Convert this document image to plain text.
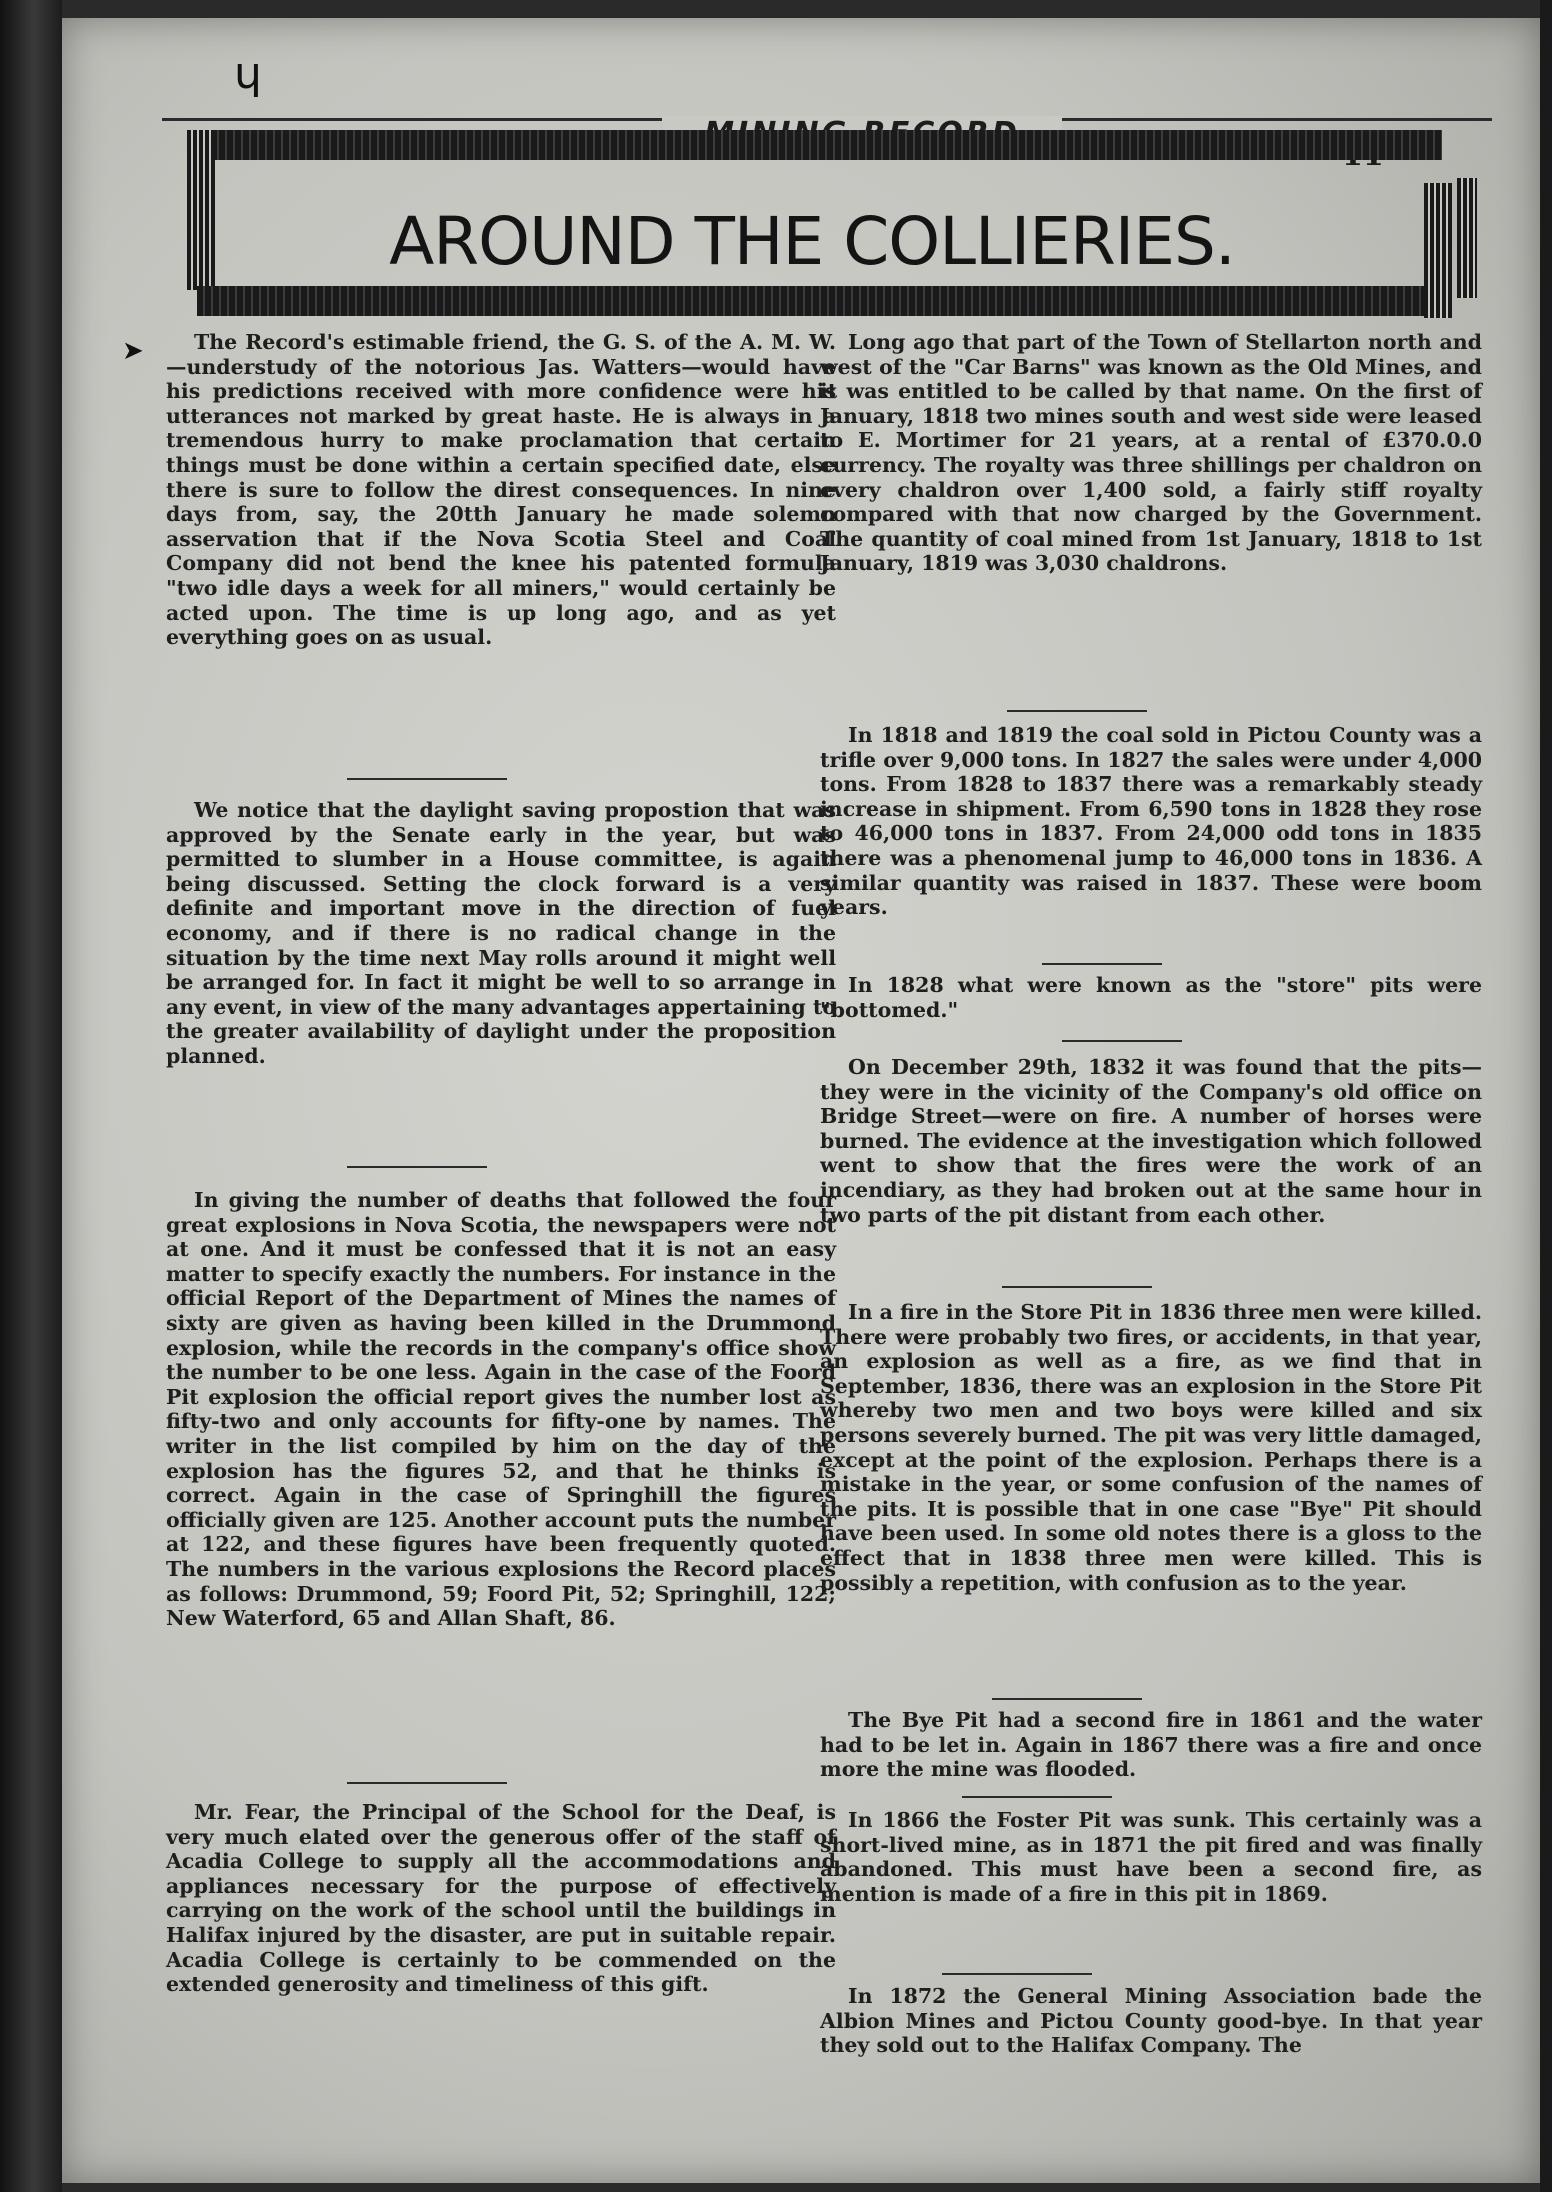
AROUND THE COLLIERIES.

The Record's estimable friend, the G. S. of the A. M. W.—understudy of the notorious Jas. Watters—would have his predictions received with more confidence were his utterances not marked by great haste. He is always in a tremendous hurry to make proclamation that certain things must be done within a certain specified date, else there is sure to follow the direst consequences. In nine days from, say, the 20tth January he made solemn asservation that if the Nova Scotia Steel and Coal Company did not bend the knee his patented formula "two idle days a week for all miners," would certainly be acted upon. The time is up long ago, and as yet everything goes on as usual.

We notice that the daylight saving propostion that was approved by the Senate early in the year, but was permitted to slumber in a House committee, is again being discussed. Setting the clock forward is a very definite and important move in the direction of fuel economy, and if there is no radical change in the situation by the time next May rolls around it might well be arranged for. In fact it might be well to so arrange in any event, in view of the many advantages appertaining to the greater availability of daylight under the proposition planned.

In giving the number of deaths that followed the four great explosions in Nova Scotia, the newspapers were not at one. And it must be confessed that it is not an easy matter to specify exactly the numbers. For instance in the official Report of the Department of Mines the names of sixty are given as having been killed in the Drummond explosion, while the records in the company's office show the number to be one less. Again in the case of the Foord Pit explosion the official report gives the number lost as fifty-two and only accounts for fifty-one by names. The writer in the list compiled by him on the day of the explosion has the figures 52, and that he thinks is correct. Again in the case of Springhill the figures officially given are 125. Another account puts the number at 122, and these figures have been frequently quoted. The numbers in the various explosions the Record places as follows: Drummond, 59; Foord Pit, 52; Springhill, 122; New Waterford, 65 and Allan Shaft, 86.

Mr. Fear, the Principal of the School for the Deaf, is very much elated over the generous offer of the staff of Acadia College to supply all the accommodations and appliances necessary for the purpose of effectively carrying on the work of the school until the buildings in Halifax injured by the disaster, are put in suitable repair. Acadia College is certainly to be commended on the extended generosity and timeliness of this gift.

Long ago that part of the Town of Stellarton north and west of the "Car Barns" was known as the Old Mines, and it was entitled to be called by that name. On the first of January, 1818 two mines south and west side were leased to E. Mortimer for 21 years, at a rental of £370.0.0 currency. The royalty was three shillings per chaldron on every chaldron over 1,400 sold, a fairly stiff royalty compared with that now charged by the Government. The quantity of coal mined from 1st January, 1818 to 1st January, 1819 was 3,030 chaldrons.

In 1818 and 1819 the coal sold in Pictou County was a trifle over 9,000 tons. In 1827 the sales were under 4,000 tons. From 1828 to 1837 there was a remarkably steady increase in shipment. From 6,590 tons in 1828 they rose to 46,000 tons in 1837. From 24,000 odd tons in 1835 there was a phenomenal jump to 46,000 tons in 1836. A similar quantity was raised in 1837. These were boom years.

In 1828 what were known as the "store" pits were "bottomed."

On December 29th, 1832 it was found that the pits—they were in the vicinity of the Company's old office on Bridge Street—were on fire. A number of horses were burned. The evidence at the investigation which followed went to show that the fires were the work of an incendiary, as they had broken out at the same hour in two parts of the pit distant from each other.

In a fire in the Store Pit in 1836 three men were killed. There were probably two fires, or accidents, in that year, an explosion as well as a fire, as we find that in September, 1836, there was an explosion in the Store Pit whereby two men and two boys were killed and six persons severely burned. The pit was very little damaged, except at the point of the explosion. Perhaps there is a mistake in the year, or some confusion of the names of the pits. It is possible that in one case "Bye" Pit should have been used. In some old notes there is a gloss to the effect that in 1838 three men were killed. This is possibly a repetition, with confusion as to the year.

The Bye Pit had a second fire in 1861 and the water had to be let in. Again in 1867 there was a fire and once more the mine was flooded.

In 1866 the Foster Pit was sunk. This certainly was a short-lived mine, as in 1871 the pit fired and was finally abandoned. This must have been a second fire, as mention is made of a fire in this pit in 1869.

In 1872 the General Mining Association bade the Albion Mines and Pictou County good-bye. In that year they sold out to the Halifax Company. The

ɥ
➤
